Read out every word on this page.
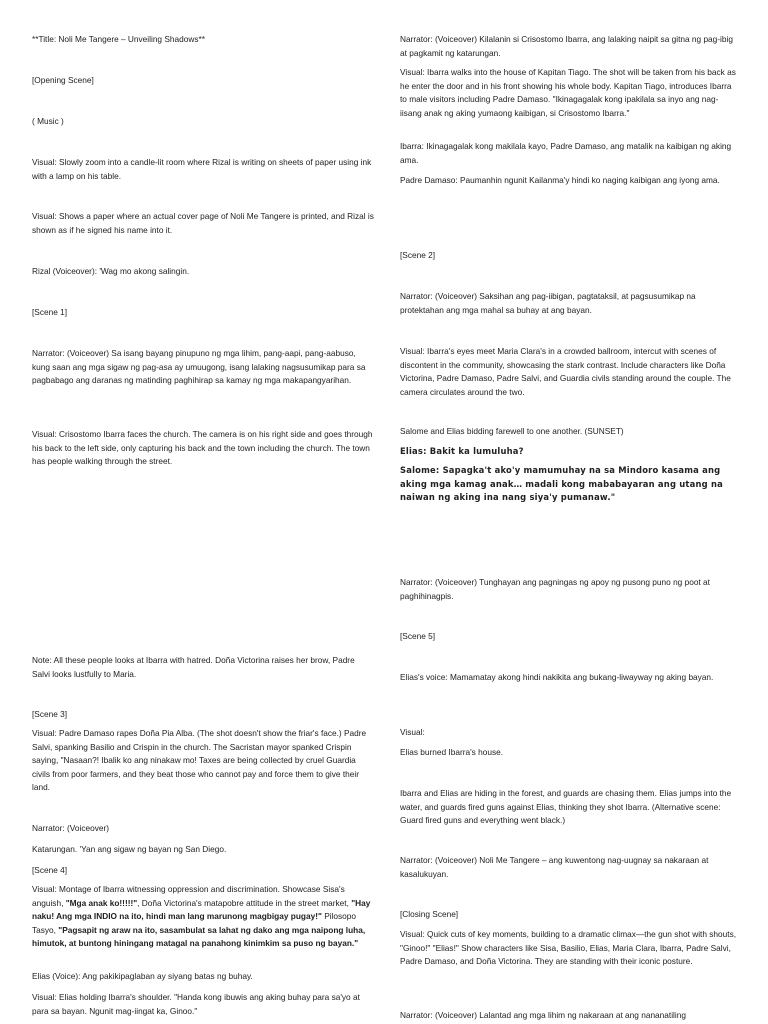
**Title: Noli Me Tangere – Unveiling Shadows**

[Opening Scene]

( Music )

Visual: Slowly zoom into a candle-lit room where Rizal is writing on sheets of paper using ink with a lamp on his table.

Visual: Shows a paper where an actual cover page of Noli Me Tangere is printed, and Rizal is shown as if he signed his name into it.

Rizal (Voiceover): 'Wag mo akong salingin.

[Scene 1]

Narrator: (Voiceover) Sa isang bayang pinupuno ng mga lihim, pang-aapi, pang-aabuso, kung saan ang mga sigaw ng pag-asa ay umuugong, isang lalaking nagsusumikap para sa pagbabago ang daranas ng matinding paghihirap sa kamay ng mga makapangyarihan.

Visual: Crisostomo Ibarra faces the church. The camera is on his right side and goes through his back to the left side, only capturing his back and the town including the church. The town has people walking through the street.

Note: All these people looks at Ibarra with hatred. Doña Victorina raises her brow, Padre Salvi looks lustfully to Maria.

[Scene 3]

Visual: Padre Damaso rapes Doña Pia Alba. (The shot doesn't show the friar's face.) Padre Salvi, spanking Basilio and Crispin in the church. The Sacristan mayor spanked Crispin saying, "Nasaan?! Ibalik ko ang ninakaw mo! Taxes are being collected by cruel Guardia civils from poor farmers, and they beat those who cannot pay and force them to give their land.

Narrator: (Voiceover)

Katarungan. 'Yan ang sigaw ng bayan ng San Diego.

[Scene 4]

Visual: Montage of Ibarra witnessing oppression and discrimination. Showcase Sisa's anguish, "Mga anak ko!!!!!", Doña Victorina's matapobre attitude in the street market, "Hay naku! Ang mga INDIO na ito, hindi man lang marunong magbigay pugay!" Pilosopo Tasyo, "Pagsapit ng araw na ito, sasambulat sa lahat ng dako ang mga naipong luha, himutok, at buntong hiningang matagal na panahong kinimkim sa puso ng bayan."

Elias (Voice): Ang pakikipaglaban ay siyang batas ng buhay.

Visual: Elias holding Ibarra's shoulder. "Handa kong ibuwis ang aking buhay para sa'yo at para sa bayan. Ngunit mag-iingat ka, Ginoo."

Narrator: (Voiceover) Kilalanin si Crisostomo Ibarra, ang lalaking naipit sa gitna ng pag-ibig at pagkamit ng katarungan.

Visual: Ibarra walks into the house of Kapitan Tiago. The shot will be taken from his back as he enter the door and in his front showing his whole body. Kapitan Tiago, introduces Ibarra to male visitors including Padre Damaso. "Ikinagagalak kong ipakilala sa inyo ang nag-iisang anak ng aking yumaong kaibigan, si Crisostomo Ibarra."

Ibarra: Ikinagagalak kong makilala kayo, Padre Damaso, ang matalik na kaibigan ng aking ama.

Padre Damaso: Paumanhin ngunit Kailanma'y hindi ko naging kaibigan ang iyong ama.

[Scene 2]

Narrator: (Voiceover) Saksihan ang pag-iibigan, pagtataksil, at pagsusumikap na protektahan ang mga mahal sa buhay at ang bayan.

Visual: Ibarra's eyes meet Maria Clara's in a crowded ballroom, intercut with scenes of discontent in the community, showcasing the stark contrast. Include characters like Doña Victorina, Padre Damaso, Padre Salvi, and Guardia civils standing around the couple. The camera circulates around the two.

Salome and Elias bidding farewell to one another. (SUNSET)

Elias: Bakit ka lumuluha?

Salome: Sapagka't ako'y mamumuhay na sa Mindoro kasama ang aking mga kamag anak… madali kong mababayaran ang utang na naiwan ng aking ina nang siya'y pumanaw."

Narrator: (Voiceover) Tunghayan ang pagningas ng apoy ng pusong puno ng poot at paghihinagpis.

[Scene 5]

Elias's voice: Mamamatay akong hindi nakikita ang bukang-liwayway ng aking bayan.

Visual:

Elias burned Ibarra's house.

Ibarra and Elias are hiding in the forest, and guards are chasing them. Elias jumps into the water, and guards fired guns against Elias, thinking they shot Ibarra. (Alternative scene: Guard fired guns and everything went black.)

Narrator: (Voiceover) Noli Me Tangere – ang kuwentong nag-uugnay sa nakaraan at kasalukuyan.

[Closing Scene]

Visual: Quick cuts of key moments, building to a dramatic climax—the gun shot with shouts, "Ginoo!" "Elias!" Show characters like Sisa, Basilio, Elias, Maria Clara, Ibarra, Padre Salvi, Padre Damaso, and Doña Victorina. They are standing with their iconic posture.

Narrator: (Voiceover) Lalantad ang mga lihim ng nakaraan at ang nananatiling
